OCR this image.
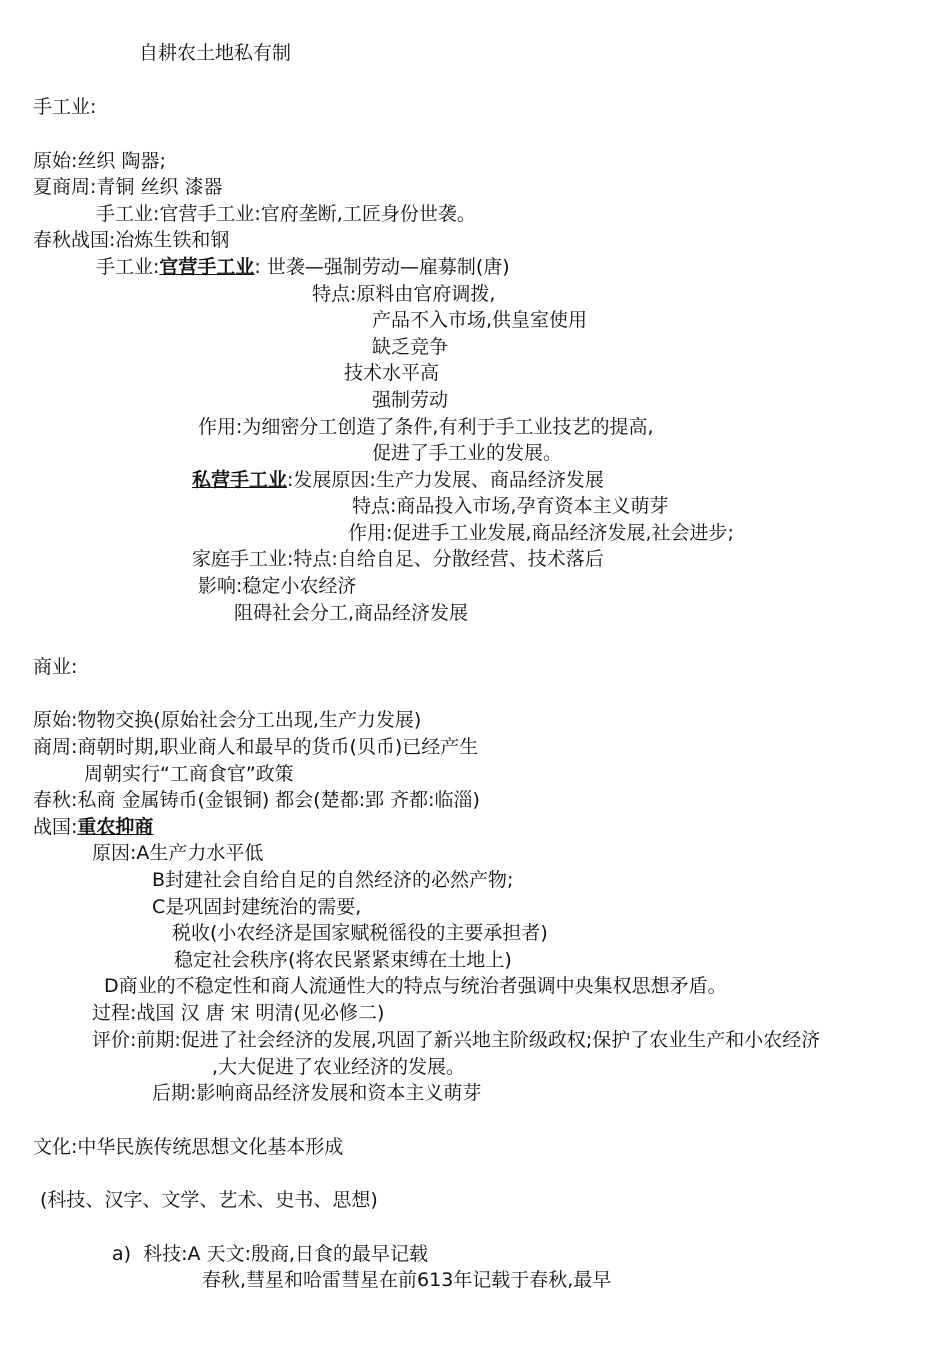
自耕农土地私有制
手工业:
原始:丝织 陶器;
夏商周:青铜 丝织 漆器
手工业:官营手工业:官府垄断,工匠身份世袭。
春秋战国:冶炼生铁和钢
手工业:官营手工业: 世袭—强制劳动—雇募制(唐)
特点:原料由官府调拨,
产品不入市场,供皇室使用
缺乏竞争
技术水平高
强制劳动
作用:为细密分工创造了条件,有利于手工业技艺的提高,
促进了手工业的发展。
私营手工业:发展原因:生产力发展、商品经济发展
特点:商品投入市场,孕育资本主义萌芽
作用:促进手工业发展,商品经济发展,社会进步;
家庭手工业:特点:自给自足、分散经营、技术落后
影响:稳定小农经济
阻碍社会分工,商品经济发展
商业:
原始:物物交换(原始社会分工出现,生产力发展)
商周:商朝时期,职业商人和最早的货币(贝币)已经产生
周朝实行“工商食官”政策
春秋:私商 金属铸币(金银铜) 都会(楚都:郢 齐都:临淄)
战国:重农抑商
原因:A生产力水平低
B封建社会自给自足的自然经济的必然产物;
C是巩固封建统治的需要,
税收(小农经济是国家赋税徭役的主要承担者)
稳定社会秩序(将农民紧紧束缚在土地上)
D商业的不稳定性和商人流通性大的特点与统治者强调中央集权思想矛盾。
过程:战国 汉 唐 宋 明清(见必修二)
评价:前期:促进了社会经济的发展,巩固了新兴地主阶级政权;保护了农业生产和小农经济
,大大促进了农业经济的发展。
后期:影响商品经济发展和资本主义萌芽
文化:中华民族传统思想文化基本形成
(科技、汉字、文学、艺术、史书、思想)
a)  科技:A 天文:殷商,日食的最早记载
春秋,彗星和哈雷彗星在前613年记载于春秋,最早
